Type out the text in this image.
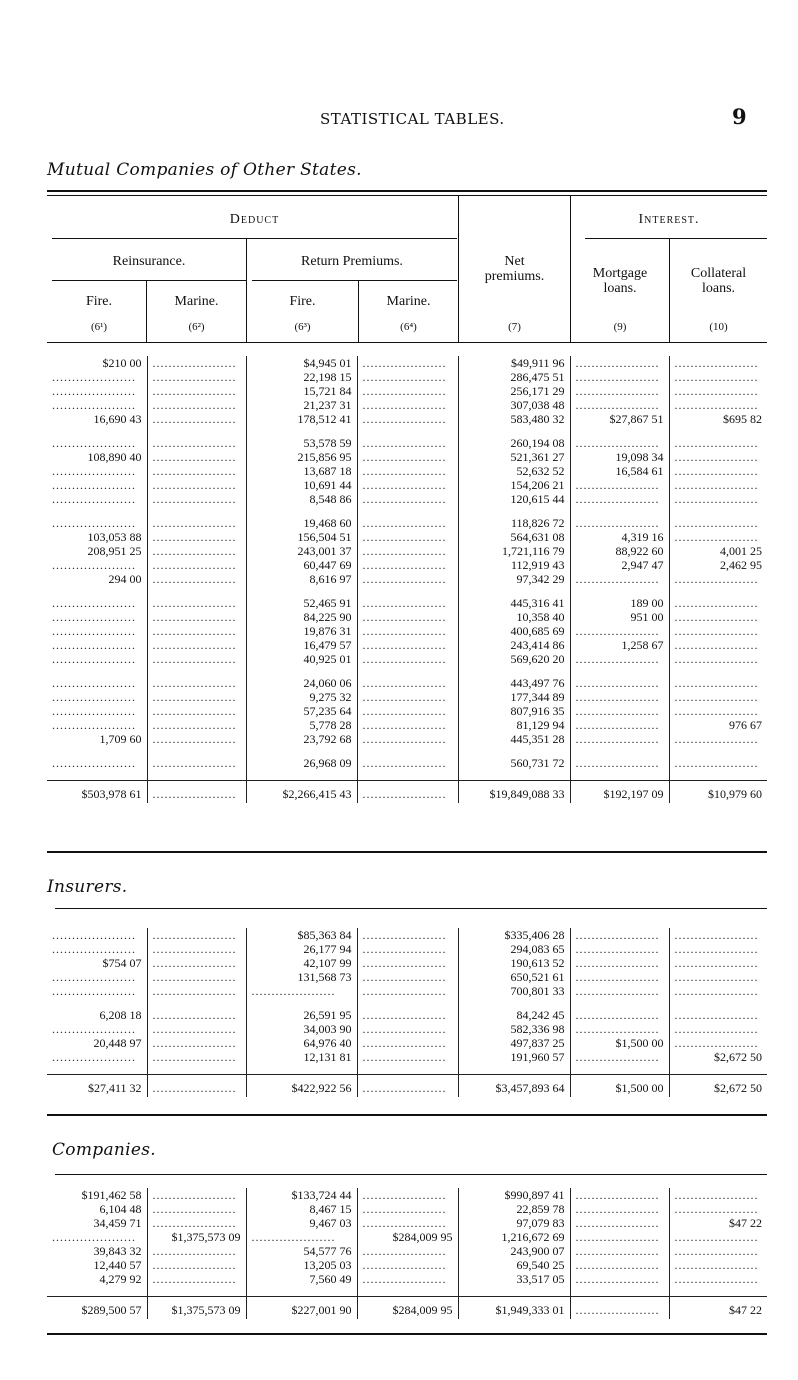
STATISTICAL TABLES.	9
Mutual Companies of Other States.
Deduct	Interest.
Reinsurance.	Return Premiums.	Net
premiums.	Mortgage
loans.
Collateral
loans.
Fire.	Marine.	Fire.	Marine.
(6¹)	(6²)	(6³)	(6⁴)	(7)	(9)	(10)
$210 00	.....................	$4,945 01	.....................	$49,911 96	.....................	.....................

.....................	.....................	22,198 15	.....................	286,475 51	.....................	.....................

.....................	.....................	15,721 84	.....................	256,171 29	.....................	.....................

.....................	.....................	21,237 31	.....................	307,038 48	.....................	.....................

16,690 43	.....................	178,512 41	.....................	583,480 32	$27,867 51	$695 82

.....................	.....................	53,578 59	.....................	260,194 08	.....................	.....................

108,890 40	.....................	215,856 95	.....................	521,361 27	19,098 34	.....................

.....................	.....................	13,687 18	.....................	52,632 52	16,584 61	.....................

.....................	.....................	10,691 44	.....................	154,206 21	.....................	.....................

.....................	.....................	8,548 86	.....................	120,615 44	.....................	.....................

.....................	.....................	19,468 60	.....................	118,826 72	.....................	.....................

103,053 88	.....................	156,504 51	.....................	564,631 08	4,319 16	.....................

208,951 25	.....................	243,001 37	.....................	1,721,116 79	88,922 60	4,001 25

.....................	.....................	60,447 69	.....................	112,919 43	2,947 47	2,462 95
294 00	.....................	8,616 97	.....................	97,342 29	.....................	.....................

.....................	.....................	52,465 91	.....................	445,316 41	189 00	.....................

.....................	.....................	84,225 90	.....................	10,358 40	951 00	.....................

.....................	.....................	19,876 31	.....................	400,685 69	.....................	.....................

.....................	.....................	16,479 57	.....................	243,414 86	1,258 67	.....................

.....................	.....................	40,925 01	.....................	569,620 20	.....................	.....................

.....................	.....................	24,060 06	.....................	443,497 76	.....................	.....................

.....................	.....................	9,275 32	.....................	177,344 89	.....................	.....................

.....................	.....................	57,235 64	.....................	807,916 35	.....................	.....................

.....................	.....................	5,778 28	.....................	81,129 94	.....................	976 67
1,709 60	.....................	23,792 68	.....................	445,351 28	.....................	.....................

.....................	.....................	26,968 09	.....................	560,731 72	.....................	.....................

$503,978 61	.....................	$2,266,415 43	.....................	$19,849,088 33	$192,197 09	$10,979 60
Insurers.
.....................	.....................	$85,363 84	.....................	$335,406 28	.....................	.....................

.....................	.....................	26,177 94	.....................	294,083 65	.....................	.....................

$754 07	.....................	42,107 99	.....................	190,613 52	.....................	.....................

.....................	.....................	131,568 73	.....................	650,521 61	.....................	.....................

.....................	.....................	.....................	.....................	700,801 33	.....................	.....................

6,208 18	.....................	26,591 95	.....................	84,242 45	.....................	.....................

.....................	.....................	34,003 90	.....................	582,336 98	.....................	.....................

20,448 97	.....................	64,976 40	.....................	497,837 25	$1,500 00	.....................

.....................	.....................	12,131 81	.....................	191,960 57	.....................	$2,672 50

$27,411 32	.....................	$422,922 56	.....................	$3,457,893 64	$1,500 00	$2,672 50
Companies.
$191,462 58	.....................	$133,724 44	.....................	$990,897 41	.....................	.....................

6,104 48	.....................	8,467 15	.....................	22,859 78	.....................	.....................

34,459 71	.....................	9,467 03	.....................	97,079 83	.....................	$47 22

.....................	$1,375,573 09	.....................	$284,009 95	1,216,672 69	.....................	.....................

39,843 32	.....................	54,577 76	.....................	243,900 07	.....................	.....................

12,440 57	.....................	13,205 03	.....................	69,540 25	.....................	.....................

4,279 92	.....................	7,560 49	.....................	33,517 05	.....................	.....................

$289,500 57	$1,375,573 09	$227,001 90	$284,009 95	$1,949,333 01	.....................	$47 22
